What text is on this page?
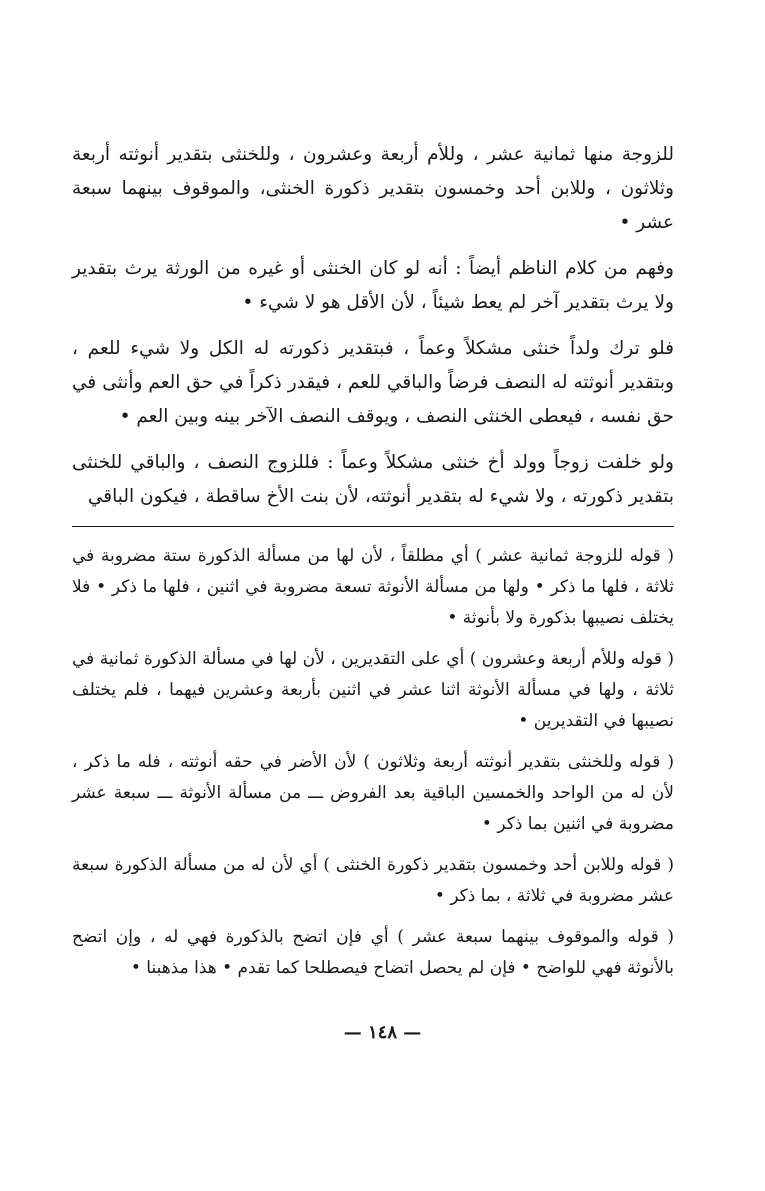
للزوجة منها ثمانية عشر ، وللأم أربعة وعشرون ، وللخنثى بتقدير أنوثته أربعة وثلاثون ، وللابن أحد وخمسون بتقدير ذكورة الخنثى، والموقوف بينهما سبعة عشر •

وفهم من كلام الناظم أيضاً : أنه لو كان الخنثى أو غيره من الورثة يرث بتقدير ولا يرث بتقدير آخر لم يعط شيئاً ، لأن الأقل هو لا شيء •

فلو ترك ولداً خنثى مشكلاً وعماً ، فبتقدير ذكورته له الكل ولا شيء للعم ، وبتقدير أنوثته له النصف فرضاً والباقي للعم ، فيقدر ذكراً في حق العم وأنثى في حق نفسه ، فيعطى الخنثى النصف ، ويوقف النصف الآخر بينه وبين العم •

ولو خلفت زوجاً وولد أخ خنثى مشكلاً وعماً : فللزوج النصف ، والباقي للخنثى بتقدير ذكورته ، ولا شيء له بتقدير أنوثته، لأن بنت الأخ ساقطة ، فيكون الباقي

( قوله للزوجة ثمانية عشر ) أي مطلقاً ، لأن لها من مسألة الذكورة ستة مضروبة في ثلاثة ، فلها ما ذكر • ولها من مسألة الأنوثة تسعة مضروبة في اثنين ، فلها ما ذكر • فلا يختلف نصيبها بذكورة ولا بأنوثة •

( قوله وللأم أربعة وعشرون ) أي على التقديرين ، لأن لها في مسألة الذكورة ثمانية في ثلاثة ، ولها في مسألة الأنوثة اثنا عشر في اثنين بأربعة وعشرين فيهما ، فلم يختلف نصيبها في التقديرين •

( قوله وللخنثى بتقدير أنوثته أربعة وثلاثون ) لأن الأضر في حقه أنوثته ، فله ما ذكر ، لأن له من الواحد والخمسين الباقية بعد الفروض ـــ من مسألة الأنوثة ـــ سبعة عشر مضروبة في اثنين بما ذكر •

( قوله وللابن أحد وخمسون بتقدير ذكورة الخنثى ) أي لأن له من مسألة الذكورة سبعة عشر مضروبة في ثلاثة ، بما ذكر •

( قوله والموقوف بينهما سبعة عشر ) أي فإن اتضح بالذكورة فهي له ، وإن اتضح بالأنوثة فهي للواضح • فإن لم يحصل اتضاح فيصطلحا كما تقدم • هذا مذهبنا •

— ١٤٨ —
